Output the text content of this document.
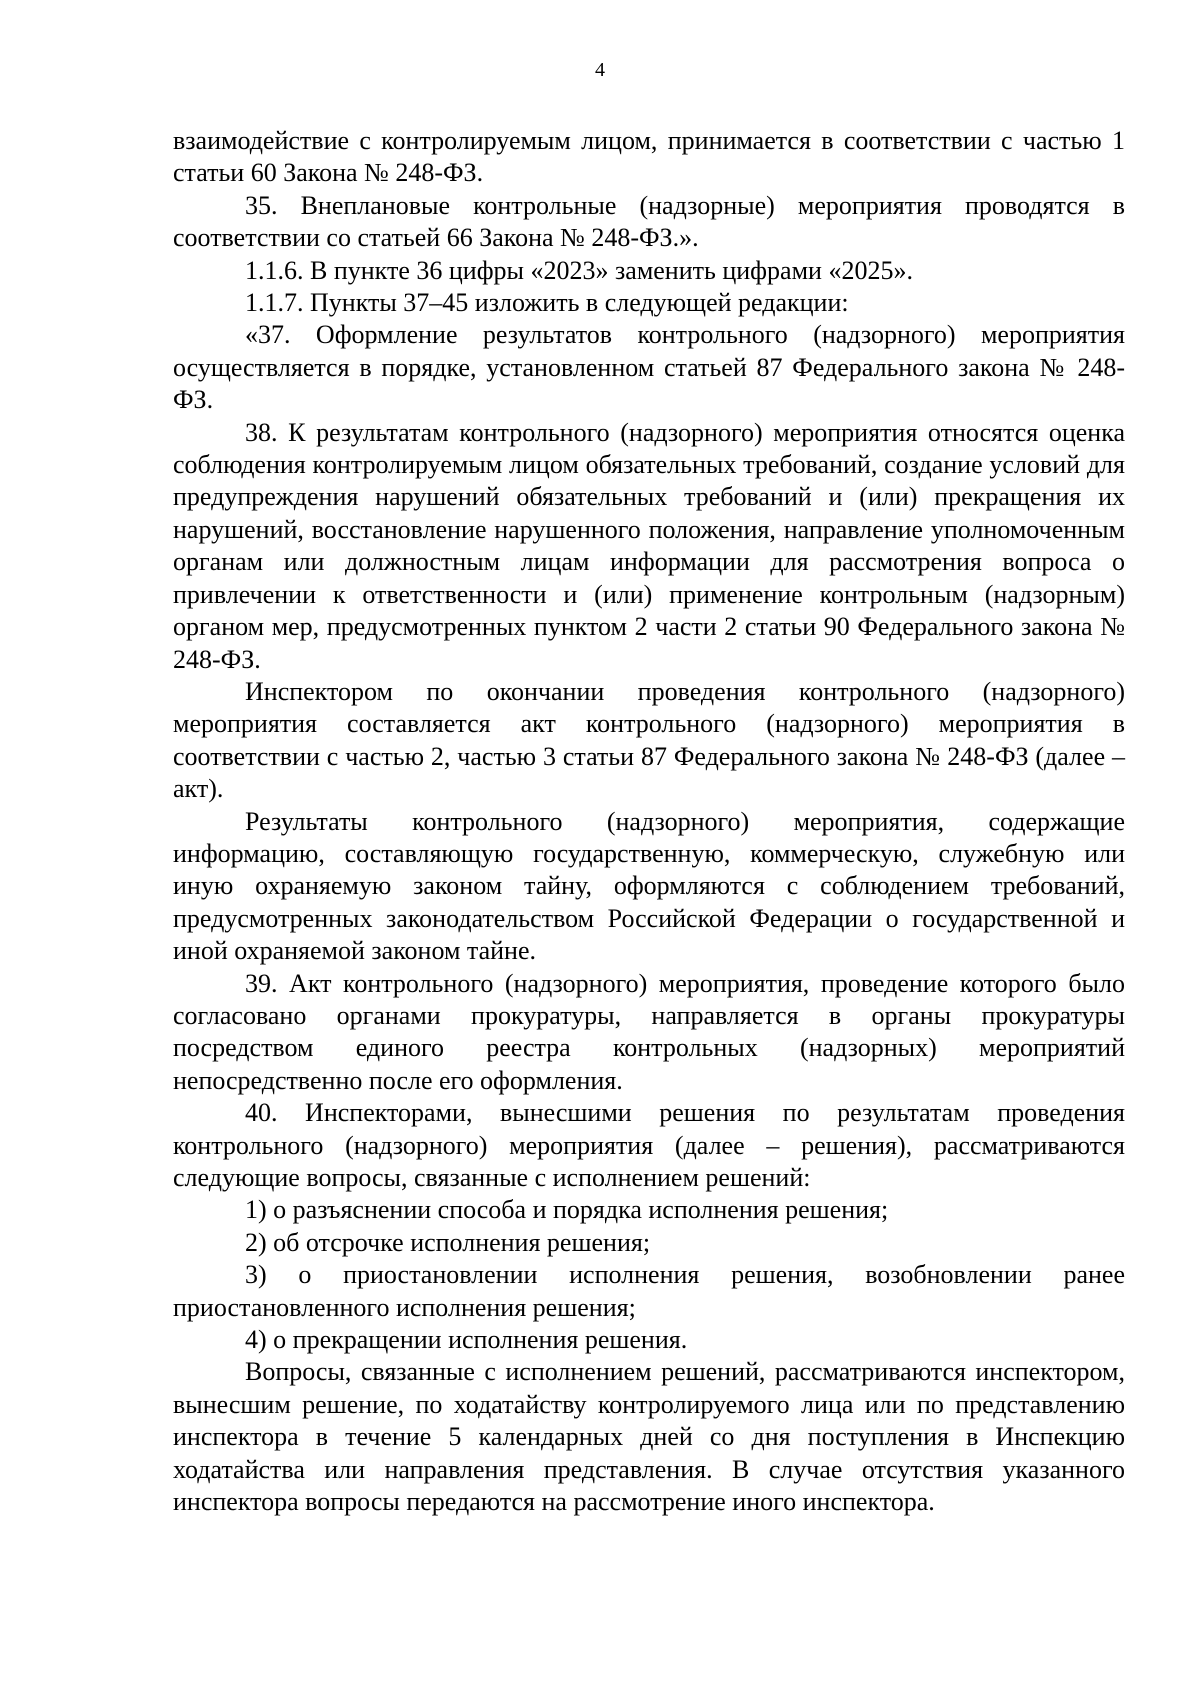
4

взаимодействие с контролируемым лицом, принимается в соответствии с частью 1 статьи 60 Закона № 248-ФЗ.

35. Внеплановые контрольные (надзорные) мероприятия проводятся в соответствии со статьей 66 Закона № 248-ФЗ.».

1.1.6. В пункте 36 цифры «2023» заменить цифрами «2025».

1.1.7. Пункты 37–45 изложить в следующей редакции:

«37. Оформление результатов контрольного (надзорного) мероприятия осуществляется в порядке, установленном статьей 87 Федерального закона № 248-ФЗ.

38. К результатам контрольного (надзорного) мероприятия относятся оценка соблюдения контролируемым лицом обязательных требований, создание условий для предупреждения нарушений обязательных требований и (или) прекращения их нарушений, восстановление нарушенного положения, направление уполномоченным органам или должностным лицам информации для рассмотрения вопроса о привлечении к ответственности и (или) применение контрольным (надзорным) органом мер, предусмотренных пунктом 2 части 2 статьи 90 Федерального закона № 248-ФЗ.

Инспектором по окончании проведения контрольного (надзорного) мероприятия составляется акт контрольного (надзорного) мероприятия в соответствии с частью 2, частью 3 статьи 87 Федерального закона № 248-ФЗ (далее – акт).

Результаты контрольного (надзорного) мероприятия, содержащие информацию, составляющую государственную, коммерческую, служебную или иную охраняемую законом тайну, оформляются с соблюдением требований, предусмотренных законодательством Российской Федерации о государственной и иной охраняемой законом тайне.

39. Акт контрольного (надзорного) мероприятия, проведение которого было согласовано органами прокуратуры, направляется в органы прокуратуры посредством единого реестра контрольных (надзорных) мероприятий непосредственно после его оформления.

40. Инспекторами, вынесшими решения по результатам проведения контрольного (надзорного) мероприятия (далее – решения), рассматриваются следующие вопросы, связанные с исполнением решений:

1) о разъяснении способа и порядка исполнения решения;

2) об отсрочке исполнения решения;

3) о приостановлении исполнения решения, возобновлении ранее приостановленного исполнения решения;

4) о прекращении исполнения решения.

Вопросы, связанные с исполнением решений, рассматриваются инспектором, вынесшим решение, по ходатайству контролируемого лица или по представлению инспектора в течение 5 календарных дней со дня поступления в Инспекцию ходатайства или направления представления. В случае отсутствия указанного инспектора вопросы передаются на рассмотрение иного инспектора.
